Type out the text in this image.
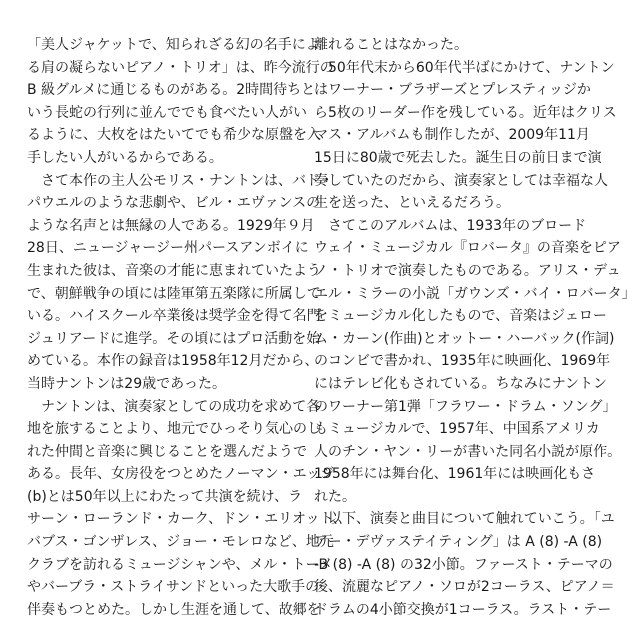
「美人ジャケットで、知られざる幻の名手によ
る肩の凝らないピアノ・トリオ」は、昨今流行の
B 級グルメに通じるものがある。2時間待ちと
いう長蛇の行列に並んででも食べたい人がい
るように、大枚をはたいてでも希少な原盤を入
手したい人がいるからである。
　さて本作の主人公モリス・ナントンは、バド・
パウエルのような悲劇や、ビル・エヴァンスの
ような名声とは無縁の人である。1929年９月
28日、ニュージャージー州パースアンボイに
生まれた彼は、音楽の才能に恵まれていたよう
で、朝鮮戦争の頃には陸軍第五楽隊に所属して
いる。ハイスクール卒業後は奨学金を得て名門
ジュリアードに進学。その頃にはプロ活動を始
めている。本作の録音は1958年12月だから、
当時ナントンは29歳であった。
　ナントンは、演奏家としての成功を求めて各
地を旅することより、地元でひっそり気心のし
れた仲間と音楽に興じることを選んだようで
ある。長年、女房役をつとめたノーマン・エッジ
(b)とは50年以上にわたって共演を続け、ラ
サーン・ローランド・カーク、ドン・エリオット、
バブス・ゴンザレス、ジョー・モレロなど、地元
クラブを訪れるミュージシャンや、メル・トーメ
やバーブラ・ストライサンドといった大歌手の
伴奏もつとめた。しかし生涯を通して、故郷を
離れることはなかった。
　50年代末から60年代半ばにかけて、ナントン
はワーナー・ブラザーズとプレスティッジか
ら5枚のリーダー作を残している。近年はクリス
マス・アルバムも制作したが、2009年11月
15日に80歳で死去した。誕生日の前日まで演
奏していたのだから、演奏家としては幸福な人
生を送った、といえるだろう。
　さてこのアルバムは、1933年のブロード
ウェイ・ミュージカル『ロバータ』の音楽をピア
ノ・トリオで演奏したものである。アリス・デュ
エル・ミラーの小説「ガウンズ・バイ・ロバータ」
をミュージカル化したもので、音楽はジェロー
ム・カーン(作曲)とオットー・ハーバック(作詞)
のコンビで書かれ、1935年に映画化、1969年
にはテレビ化もされている。ちなみにナントン
のワーナー第1弾「フラワー・ドラム・ソング」
もミュージカルで、1957年、中国系アメリカ
人のチン・ヤン・リーが書いた同名小説が原作。
1958年には舞台化、1961年には映画化もさ
れた。
　以下、演奏と曲目について触れていこう。「ユ
アー・デヴァステイティング」は A (8) -A (8)
-B (8) -A (8) の32小節。ファースト・テーマの
後、流麗なピアノ・ソロが2コーラス、ピアノ＝
ドラムの4小節交換が1コーラス。ラスト・テー
